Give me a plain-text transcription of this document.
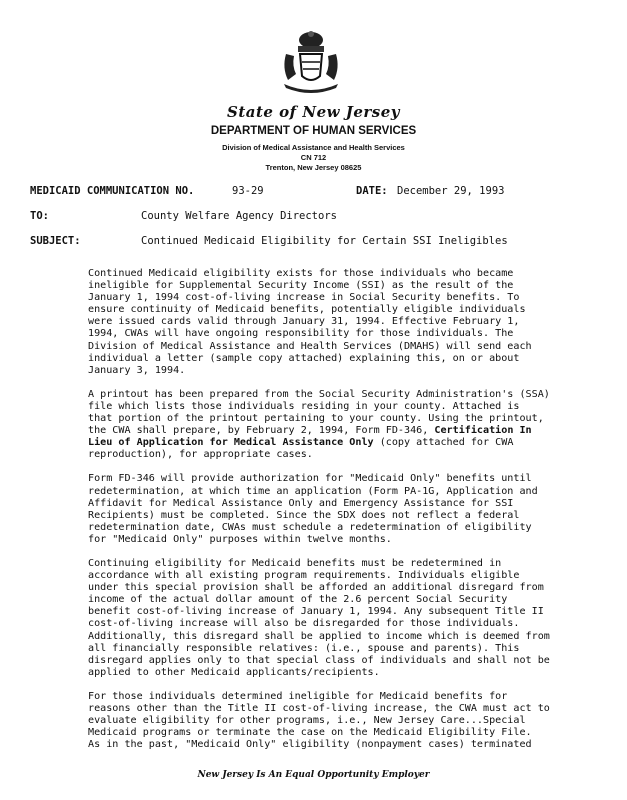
State of New Jersey
DEPARTMENT OF HUMAN SERVICES
Division of Medical Assistance and Health Services
CN 712
Trenton, New Jersey 08625
MEDICAID COMMUNICATION NO.	93-29	DATE: December 29, 1993
TO:	County Welfare Agency Directors
SUBJECT:	Continued Medicaid Eligibility for Certain SSI Ineligibles

Continued Medicaid eligibility exists for those individuals who became
ineligible for Supplemental Security Income (SSI) as the result of the
January 1, 1994 cost-of-living increase in Social Security benefits. To
ensure continuity of Medicaid benefits, potentially eligible individuals
were issued cards valid through January 31, 1994. Effective February 1,
1994, CWAs will have ongoing responsibility for those individuals. The
Division of Medical Assistance and Health Services (DMAHS) will send each
individual a letter (sample copy attached) explaining this, on or about
January 3, 1994.

A printout has been prepared from the Social Security Administration's (SSA)
file which lists those individuals residing in your county. Attached is
that portion of the printout pertaining to your county. Using the printout,
the CWA shall prepare, by February 2, 1994, Form FD-346, Certification In
Lieu of Application for Medical Assistance Only (copy attached for CWA
reproduction), for appropriate cases.

Form FD-346 will provide authorization for "Medicaid Only" benefits until
redetermination, at which time an application (Form PA-1G, Application and
Affidavit for Medical Assistance Only and Emergency Assistance for SSI
Recipients) must be completed. Since the SDX does not reflect a federal
redetermination date, CWAs must schedule a redetermination of eligibility
for "Medicaid Only" purposes within twelve months.

Continuing eligibility for Medicaid benefits must be redetermined in
accordance with all existing program requirements. Individuals eligible
under this special provision shall be afforded an additional disregard from
income of the actual dollar amount of the 2.6 percent Social Security
benefit cost-of-living increase of January 1, 1994. Any subsequent Title II
cost-of-living increase will also be disregarded for those individuals.
Additionally, this disregard shall be applied to income which is deemed from
all financially responsible relatives: (i.e., spouse and parents). This
disregard applies only to that special class of individuals and shall not be
applied to other Medicaid applicants/recipients.

For those individuals determined ineligible for Medicaid benefits for
reasons other than the Title II cost-of-living increase, the CWA must act to
evaluate eligibility for other programs, i.e., New Jersey Care...Special
Medicaid programs or terminate the case on the Medicaid Eligibility File.
As in the past, "Medicaid Only" eligibility (nonpayment cases) terminated

New Jersey Is An Equal Opportunity Employer
